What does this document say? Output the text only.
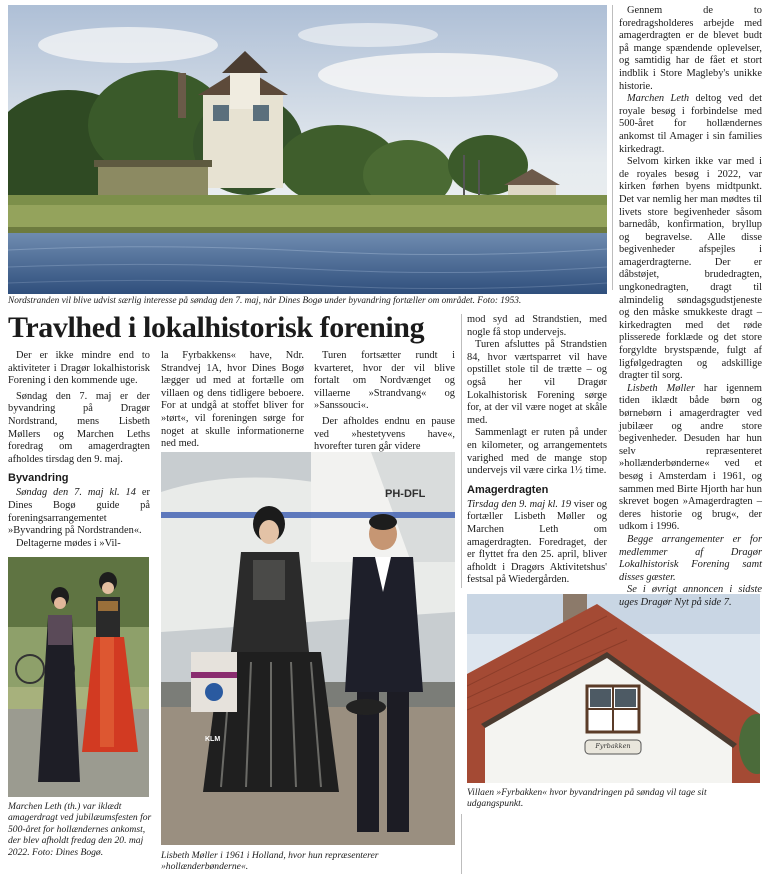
Nordstranden vil blive udvist særlig interesse på søndag den 7. maj, når Dines Bogø under byvandring fortæller om området. Foto: 1953.
Travlhed i lokalhistorisk forening

Der er ikke mindre end to aktiviteter i Dragør lokalhistorisk Forening i den kommende uge.

Søndag den 7. maj er der byvandring på Dragør Nordstrand, mens Lisbeth Møllers og Marchen Leths foredrag om amagerdragten afholdes tirsdag den 9. maj.

Byvandring

Søndag den 7. maj kl. 14 er Dines Bogø guide på foreningsarrangementet »Byvandring på Nordstranden«.

Deltagerne mødes i »Vil-

Marchen Leth (th.) var iklædt amagerdragt ved jubilæumsfesten for 500-året for hollændernes ankomst, der blev afholdt fredag den 20. maj 2022. Foto: Dines Bogø.

la Fyrbakkens« have, Ndr. Strandvej 1A, hvor Dines Bogø lægger ud med at fortælle om villaen og dens tidligere beboere. For at undgå at stoffet bliver for »tørt«, vil foreningen sørge for noget at skulle informationerne ned med.

Turen fortsætter rundt i kvarteret, hvor der vil blive fortalt om Nordvænget og villaerne »Strandvang« og »Sanssouci«.

Der afholdes endnu en pause ved »hestetyvens have«, hvorefter turen går videre

PH-DFL
KLM
Lisbeth Møller i 1961 i Holland, hvor hun repræsenterer »hollænderbønderne«.

mod syd ad Strandstien, med nogle få stop undervejs.

Turen afsluttes på Strandstien 84, hvor værtsparret vil have opstillet stole til de trætte – og også her vil Dragør Lokalhistorisk Forening sørge for, at der vil være noget at skåle med.

Sammenlagt er ruten på under en kilometer, og arrangementets varighed med de mange stop undervejs vil være cirka 1½ time.

Amagerdragten

Tirsdag den 9. maj kl. 19 viser og fortæller Lisbeth Møller og Marchen Leth om amagerdragten. Foredraget, der er flyttet fra den 25. april, bliver afholdt i Dragørs Aktivitetshus' festsal på Wiedergården.

Fyrbakken
Villaen »Fyrbakken« hvor byvandringen på søndag vil tage sit udgangspunkt.

Gennem de to foredragsholderes arbejde med amagerdragten er de blevet budt på mange spændende oplevelser, og samtidig har de fået et stort indblik i Store Magleby's unikke historie.

Marchen Leth deltog ved det royale besøg i forbindelse med 500-året for hollændernes ankomst til Amager i sin families kirkedragt.

Selvom kirken ikke var med i de royales besøg i 2022, var kirken førhen byens midtpunkt. Det var nemlig her man mødtes til livets store begivenheder såsom barnedåb, konfirmation, bryllup og begravelse. Alle disse begivenheder afspejles i amagerdragterne. Der er dåbstøjet, brudedragten, ungkonedragten, dragt til almindelig søndagsgudstjeneste og den måske smukkeste dragt – kirkedragten med det røde plisserede forklæde og det store forgyldte brystspænde, fulgt af ligfølgedragten og adskillige dragter til sorg.

Lisbeth Møller har igennem tiden iklædt både børn og børnebørn i amagerdragter ved jubilæer og andre store begivenheder. Desuden har hun selv repræsenteret »hollænderbønderne« ved et besøg i Amsterdam i 1961, og sammen med Birte Hjorth har hun skrevet bogen »Amagerdragten – deres historie og brug«, der udkom i 1996.

Begge arrangementer er for medlemmer af Dragør Lokalhistorisk Forening samt disses gæster.

Se i øvrigt annoncen i sidste uges Dragør Nyt på side 7.
